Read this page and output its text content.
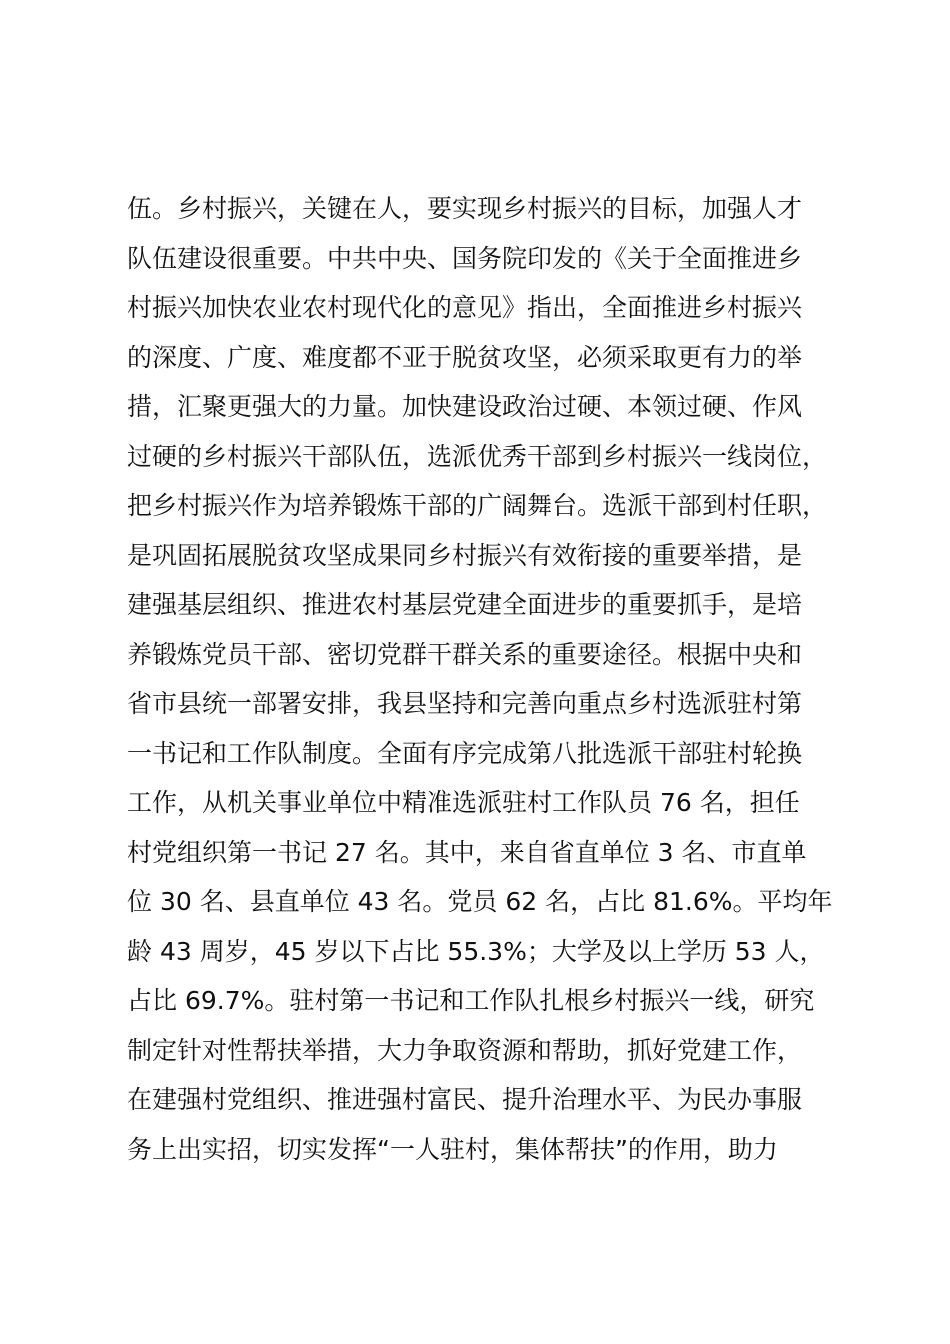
伍。乡村振兴，关键在人，要实现乡村振兴的目标，加强人才
队伍建设很重要。中共中央、国务院印发的《关于全面推进乡
村振兴加快农业农村现代化的意见》指出，全面推进乡村振兴
的深度、广度、难度都不亚于脱贫攻坚，必须采取更有力的举
措，汇聚更强大的力量。加快建设政治过硬、本领过硬、作风
过硬的乡村振兴干部队伍，选派优秀干部到乡村振兴一线岗位，
把乡村振兴作为培养锻炼干部的广阔舞台。选派干部到村任职，
是巩固拓展脱贫攻坚成果同乡村振兴有效衔接的重要举措，是
建强基层组织、推进农村基层党建全面进步的重要抓手，是培
养锻炼党员干部、密切党群干群关系的重要途径。根据中央和
省市县统一部署安排，我县坚持和完善向重点乡村选派驻村第
一书记和工作队制度。全面有序完成第八批选派干部驻村轮换
工作，从机关事业单位中精准选派驻村工作队员 76 名，担任
村党组织第一书记 27 名。其中，来自省直单位 3 名、市直单
位 30 名、县直单位 43 名。党员 62 名，占比 81.6%。平均年
龄 43 周岁，45 岁以下占比 55.3%；大学及以上学历 53 人，
占比 69.7%。驻村第一书记和工作队扎根乡村振兴一线，研究
制定针对性帮扶举措，大力争取资源和帮助，抓好党建工作，
在建强村党组织、推进强村富民、提升治理水平、为民办事服
务上出实招，切实发挥“一人驻村，集体帮扶”的作用，助力
